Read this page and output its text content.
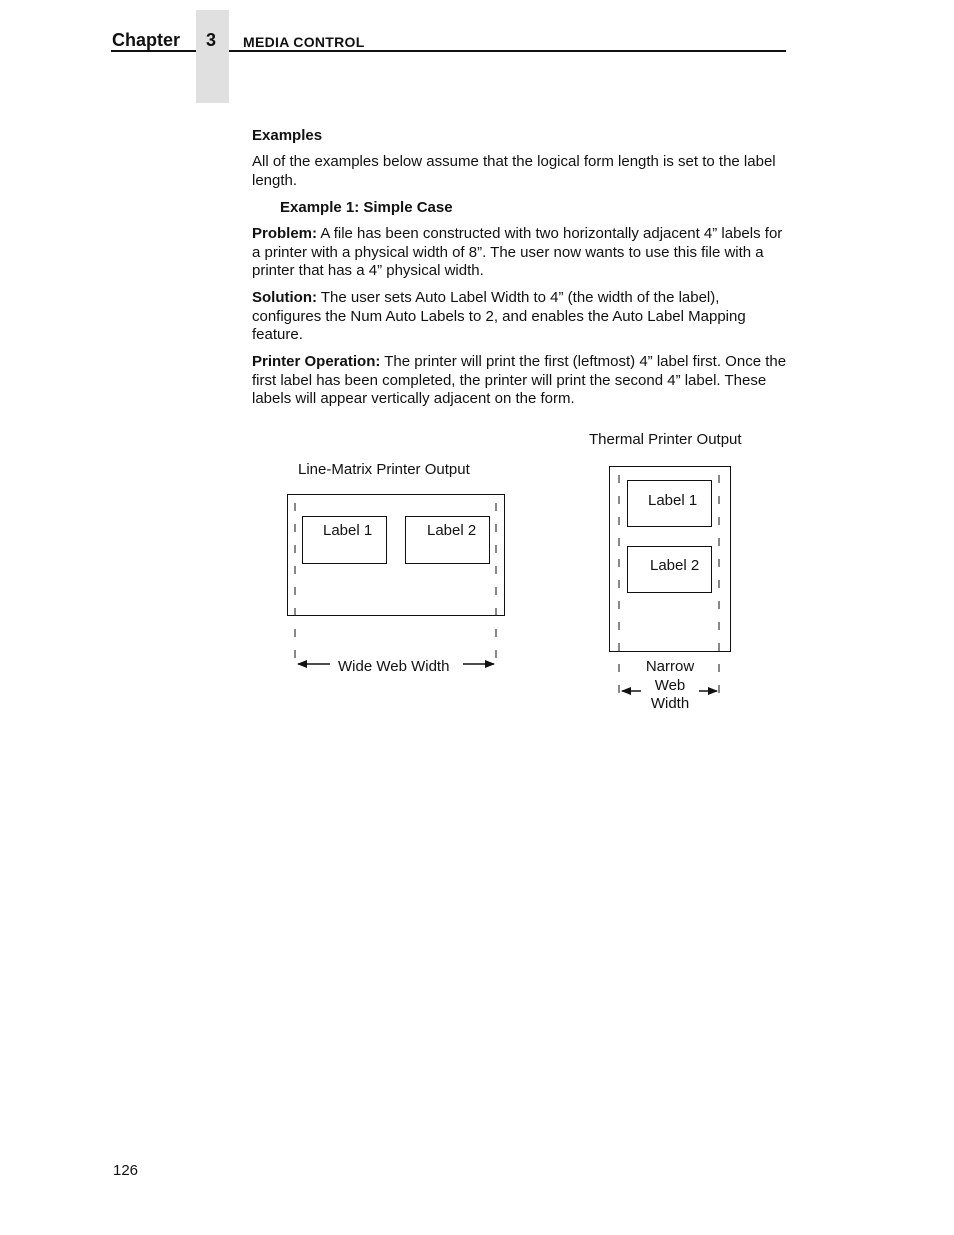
Chapter 3 MEDIA CONTROL
Examples
All of the examples below assume that the logical form length is set to the label length.
Example 1: Simple Case
Problem: A file has been constructed with two horizontally adjacent 4” labels for a printer with a physical width of 8”. The user now wants to use this file with a printer that has a 4” physical width.
Solution: The user sets Auto Label Width to 4” (the width of the label), configures the Num Auto Labels to 2, and enables the Auto Label Mapping feature.
Printer Operation: The printer will print the first (leftmost) 4” label first. Once the first label has been completed, the printer will print the second 4” label. These labels will appear vertically adjacent on the form.
Line-Matrix Printer Output
Label 1	Label 2
Wide Web Width
Thermal Printer Output
Label 1
Label 2
Narrow
Web
Width
126
